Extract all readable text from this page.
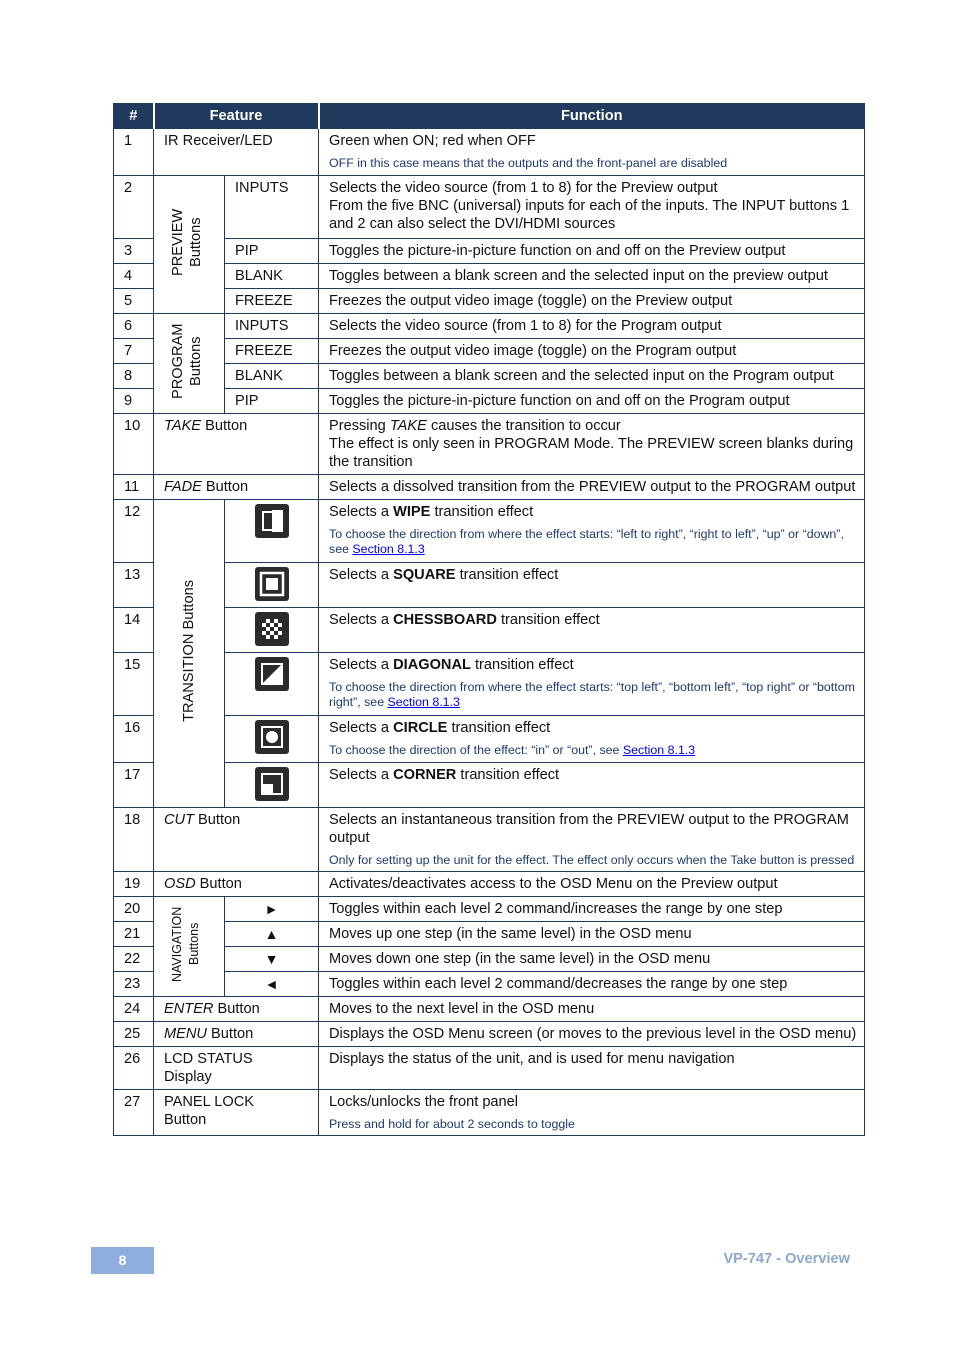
#	Feature		Function
1	IR Receiver/LED		Green when ON; red when OFF
OFF in this case means that the outputs and the front-panel are disabled

2	PREVIEW Buttons	INPUTS	Selects the video source (from 1 to 8) for the Preview output
From the five BNC (universal) inputs for each of the inputs. The INPUT buttons 1 and 2 can also select the DVI/HDMI sources
3		PIP	Toggles the picture-in-picture function on and off on the Preview output
4		BLANK	Toggles between a blank screen and the selected input on the preview output
5		FREEZE	Freezes the output video image (toggle) on the Preview output
6	PROGRAM Buttons	INPUTS	Selects the video source (from 1 to 8) for the Program output
7		FREEZE	Freezes the output video image (toggle) on the Program output
8		BLANK	Toggles between a blank screen and the selected input on the Program output
9		PIP	Toggles the picture-in-picture function on and off on the Program output
10	TAKE Button		Pressing TAKE causes the transition to occur
The effect is only seen in PROGRAM Mode. The PREVIEW screen blanks during the transition
11	FADE Button		Selects a dissolved transition from the PREVIEW output to the PROGRAM output
12	TRANSITION Buttons		Selects a WIPE transition effect
To choose the direction from where the effect starts: “left to right”, “right to left”, “up” or “down”, see Section 8.1.3

13			Selects a SQUARE transition effect
14			Selects a CHESSBOARD transition effect
15			Selects a DIAGONAL transition effect
To choose the direction from where the effect starts: “top left”, “bottom left”, “top right” or “bottom right”, see Section 8.1.3

16			Selects a CIRCLE transition effect
To choose the direction of the effect: “in” or “out”, see Section 8.1.3

17			Selects a CORNER transition effect
18	CUT Button		Selects an instantaneous transition from the PREVIEW output to the PROGRAM output
Only for setting up the unit for the effect. The effect only occurs when the Take button is pressed

19	OSD Button		Activates/deactivates access to the OSD Menu on the Preview output
20	NAVIGATION Buttons	►	Toggles within each level 2 command/increases the range by one step
21		▲	Moves up one step (in the same level) in the OSD menu
22		▼	Moves down one step (in the same level) in the OSD menu
23		◄	Toggles within each level 2 command/decreases the range by one step
24	ENTER Button		Moves to the next level in the OSD menu
25	MENU Button		Displays the OSD Menu screen (or moves to the previous level in the OSD menu)
26	LCD STATUS Display		Displays the status of the unit, and is used for menu navigation
27	PANEL LOCK Button		Locks/unlocks the front panel
Press and hold for about 2 seconds to toggle
8	VP-747 - Overview
